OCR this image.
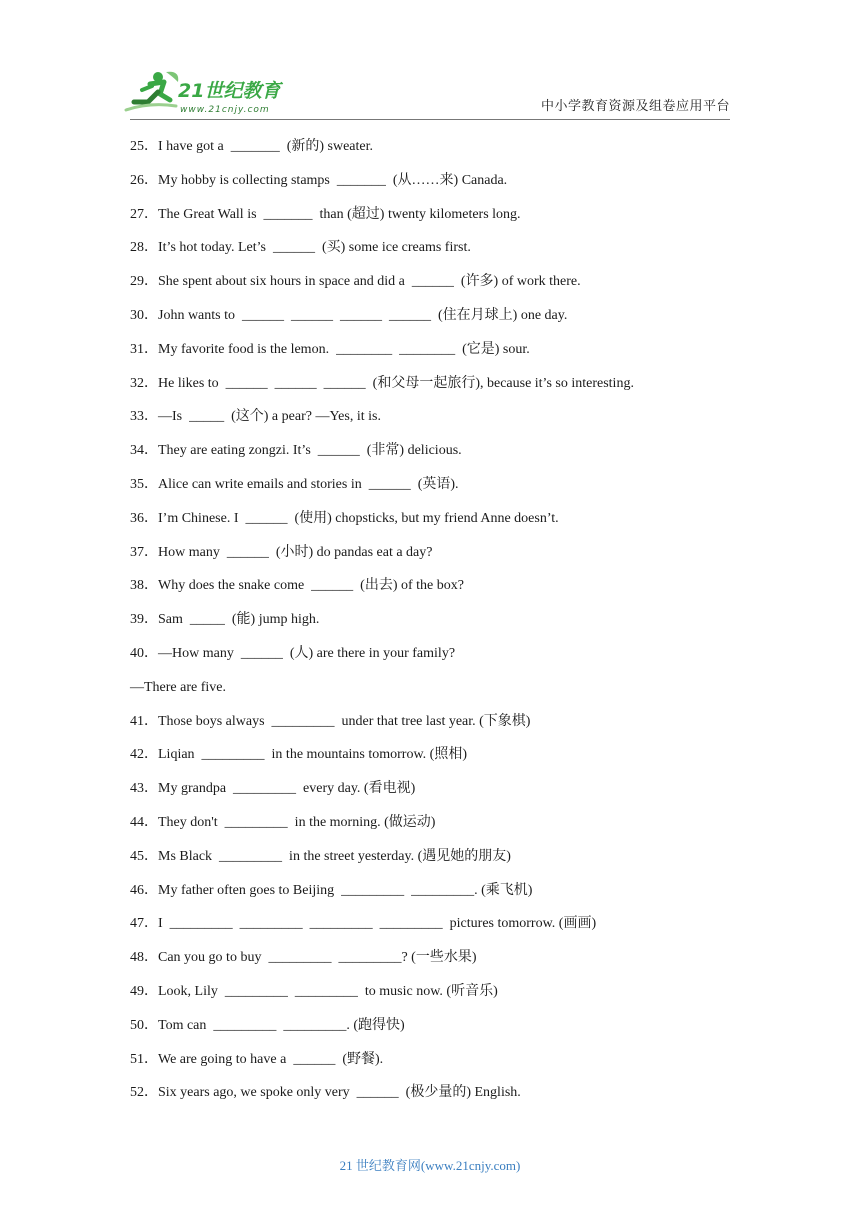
21世纪教育
www.21cnjy.com	中小学教育资源及组卷应用平台
25．I have got a  _______  (新的) sweater.
26．My hobby is collecting stamps  _______  (从……来) Canada.
27．The Great Wall is  _______  than (超过) twenty kilometers long.
28．It’s hot today. Let’s  ______  (买) some ice creams first.
29．She spent about six hours in space and did a  ______  (许多) of work there.
30．John wants to  ______  ______  ______  ______  (住在月球上) one day.
31．My favorite food is the lemon.  ________  ________  (它是) sour.
32．He likes to  ______  ______  ______  (和父母一起旅行), because it’s so interesting.
33．—Is  _____  (这个) a pear? —Yes, it is.
34．They are eating zongzi. It’s  ______  (非常) delicious.
35．Alice can write emails and stories in  ______  (英语).
36．I’m Chinese. I  ______  (使用) chopsticks, but my friend Anne doesn’t.
37．How many  ______  (小时) do pandas eat a day?
38．Why does the snake come  ______  (出去) of the box?
39．Sam  _____  (能) jump high.
40．—How many  ______  (人) are there in your family?
—There are five.
41．Those boys always  _________  under that tree last year. (下象棋)
42．Liqian  _________  in the mountains tomorrow. (照相)
43．My grandpa  _________  every day. (看电视)
44．They don't  _________  in the morning. (做运动)
45．Ms Black  _________  in the street yesterday. (遇见她的朋友)
46．My father often goes to Beijing  _________  _________. (乘飞机)
47．I  _________  _________  _________  _________  pictures tomorrow. (画画)
48．Can you go to buy  _________  _________? (一些水果)
49．Look, Lily  _________  _________  to music now. (听音乐)
50．Tom can  _________  _________. (跑得快)
51．We are going to have a  ______  (野餐).
52．Six years ago, we spoke only very  ______  (极少量的) English.
21 世纪教育网(www.21cnjy.com)
